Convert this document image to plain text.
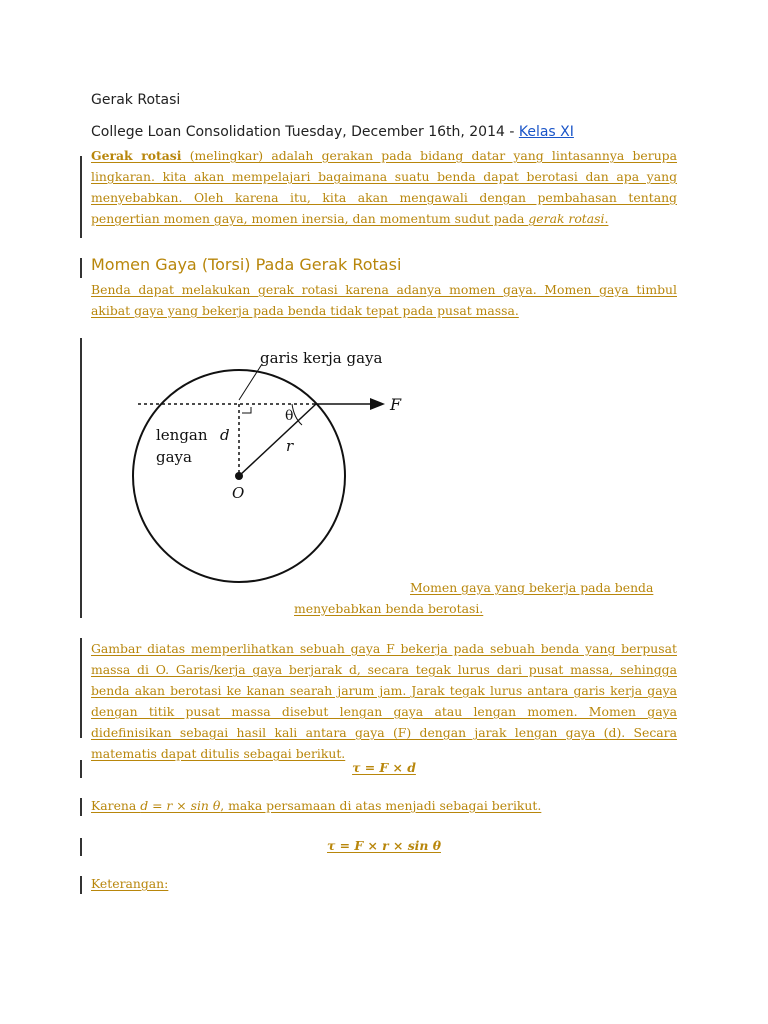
Gerak Rotasi
College Loan Consolidation Tuesday, December 16th, 2014 - Kelas XI

Gerak rotasi (melingkar) adalah gerakan pada bidang datar yang lintasannya berupa lingkaran. kita akan mempelajari bagaimana suatu benda dapat berotasi dan apa yang menyebabkan. Oleh karena itu, kita akan mengawali dengan pembahasan tentang pengertian momen gaya, momen inersia, dan momentum sudut pada gerak rotasi.

Momen Gaya (Torsi) Pada Gerak Rotasi

Benda dapat melakukan gerak rotasi karena adanya momen gaya. Momen gaya timbul akibat gaya yang bekerja pada benda tidak tepat pada pusat massa.

garis kerja gaya
F
θ
d
r
lengan
gaya
O
Momen gaya yang bekerja pada benda
menyebabkan benda berotasi.

Gambar diatas memperlihatkan sebuah gaya F bekerja pada sebuah benda yang berpusat massa di O. Garis/kerja gaya berjarak d, secara tegak lurus dari pusat massa, sehingga benda akan berotasi ke kanan searah jarum jam. Jarak tegak lurus antara garis kerja gaya dengan titik pusat massa disebut lengan gaya atau lengan momen. Momen gaya didefinisikan sebagai hasil kali antara gaya (F) dengan jarak lengan gaya (d). Secara matematis dapat ditulis sebagai berikut.

τ = F × d
Karena d = r × sin θ, maka persamaan di atas menjadi sebagai berikut.
τ = F × r × sin θ
Keterangan:
